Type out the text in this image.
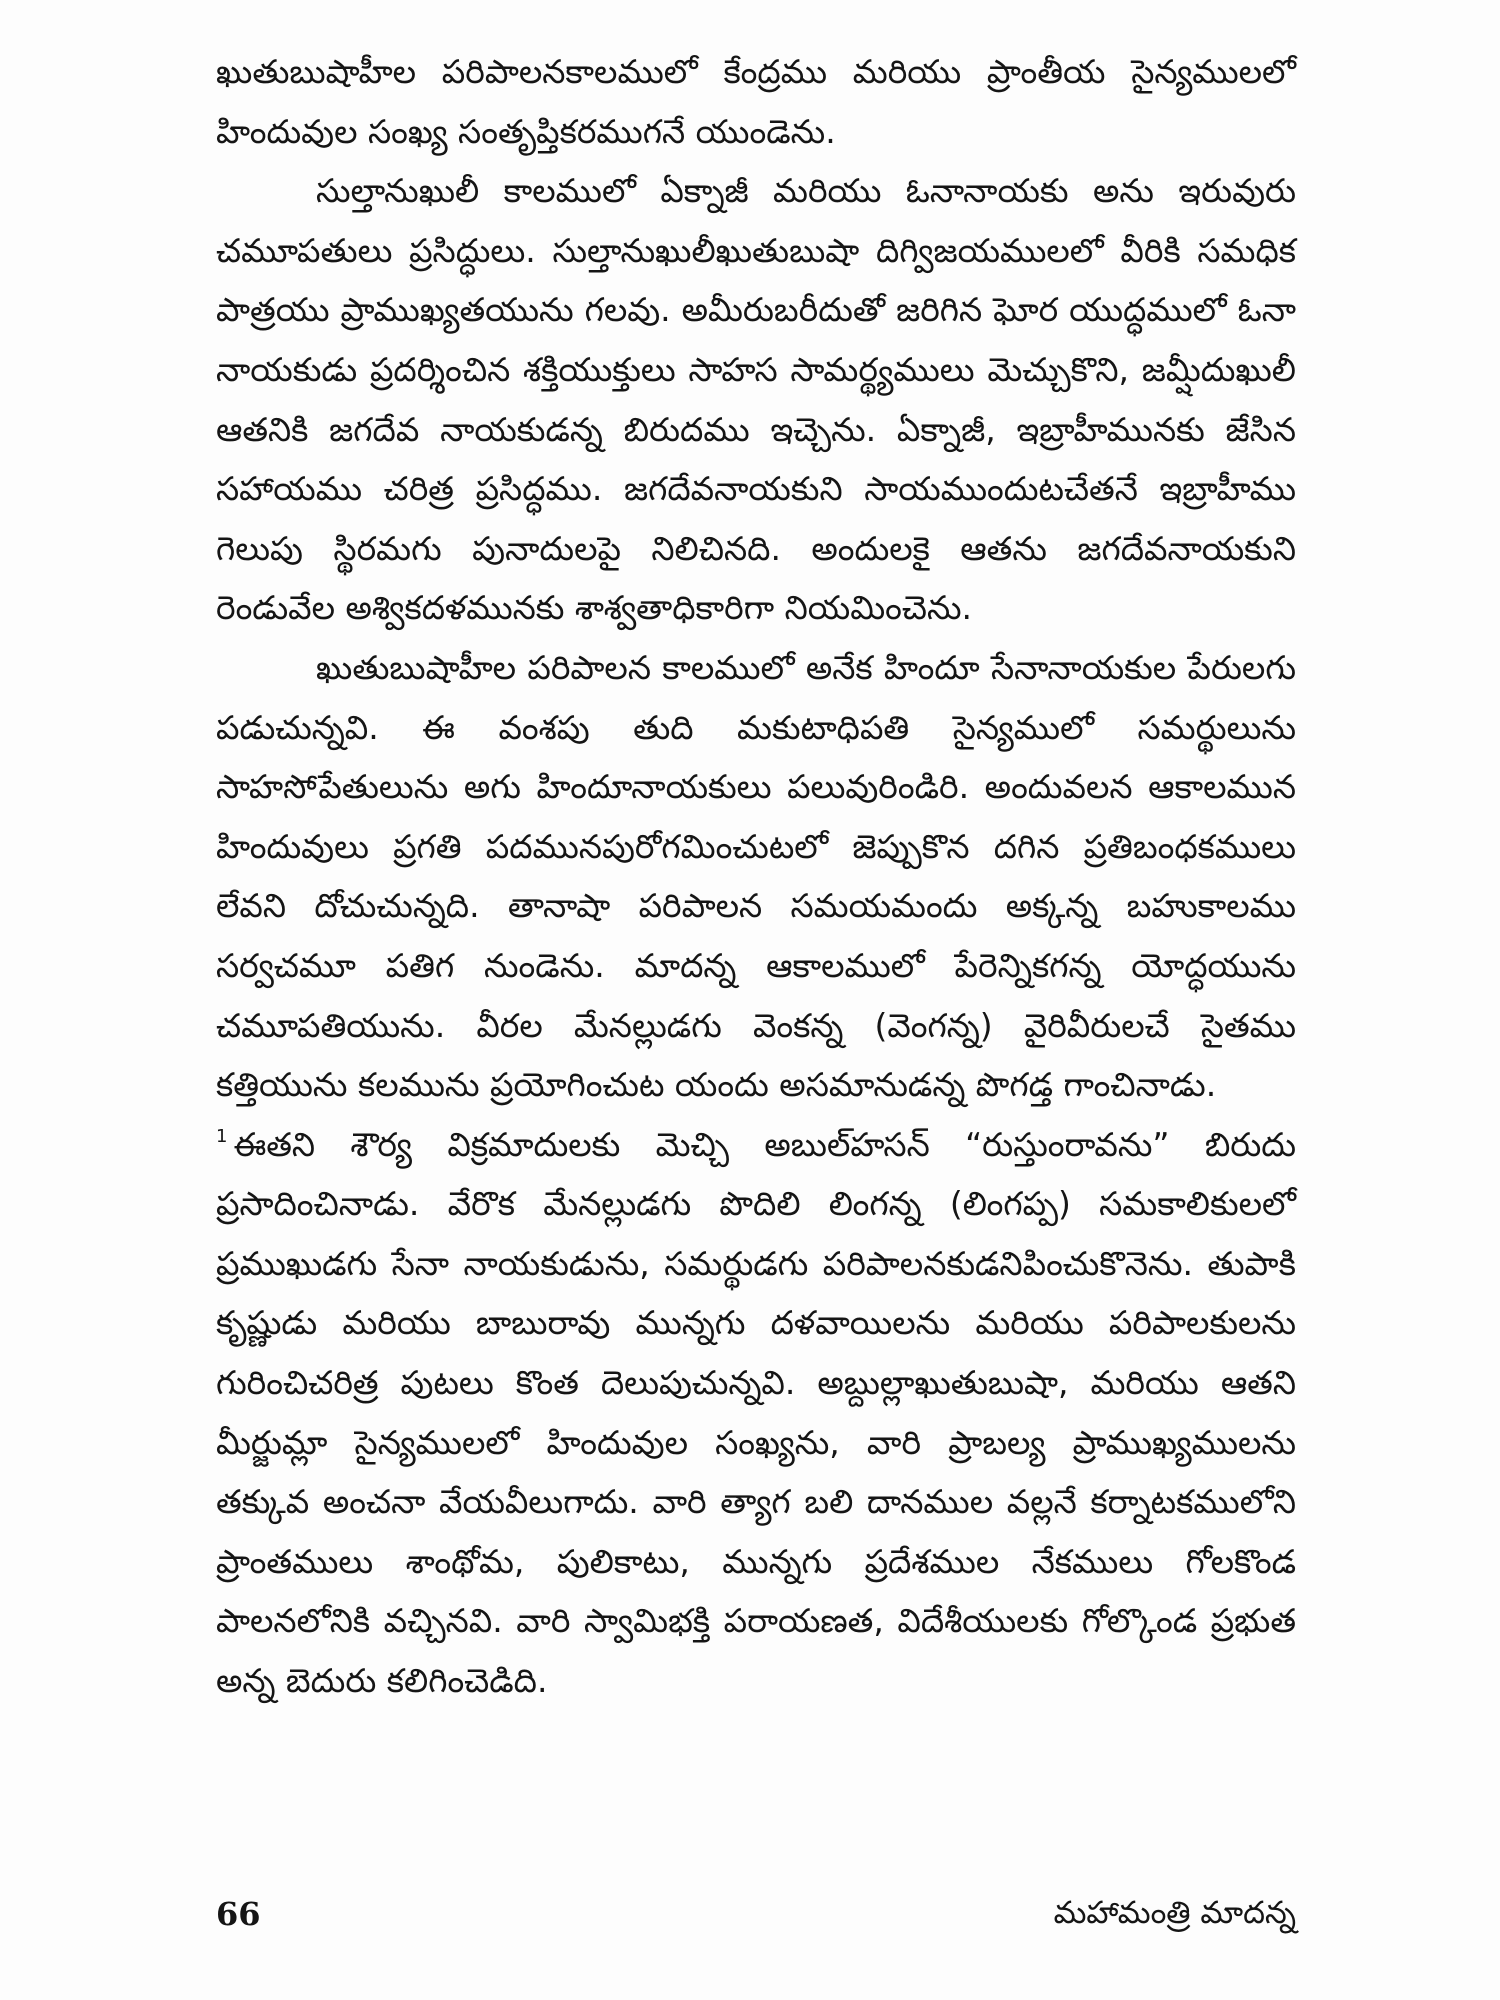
ఖుతుబుషాహీల పరిపాలనకాలములో కేంద్రము మరియు ప్రాంతీయ సైన్యములలో హిందువుల సంఖ్య సంతృప్తికరముగనే యుండెను.

సుల్తానుఖులీ కాలములో ఏక్నాజీ మరియు ఓనానాయకు అను ఇరువురు చమూపతులు ప్రసిద్ధులు. సుల్తానుఖులీఖుతుబుషా దిగ్విజయములలో వీరికి సమధిక పాత్రయు ప్రాముఖ్యతయును గలవు. అమీరుబరీదుతో జరిగిన ఘోర యుద్ధములో ఓనా నాయకుడు ప్రదర్శించిన శక్తియుక్తులు సాహస సామర్థ్యములు మెచ్చుకొని, జమ్షీదుఖులీ ఆతనికి జగదేవ నాయకుడన్న బిరుదము ఇచ్చెను. ఏక్నాజీ, ఇబ్రాహీమునకు జేసిన సహాయము చరిత్ర ప్రసిద్ధము. జగదేవనాయకుని సాయముందుటచేతనే ఇబ్రాహీము గెలుపు స్థిరమగు పునాదులపై నిలిచినది. అందులకై ఆతను జగదేవనాయకుని రెండువేల అశ్వికదళమునకు శాశ్వతాధికారిగా నియమించెను.

ఖుతుబుషాహీల పరిపాలన కాలములో అనేక హిందూ సేనానాయకుల పేరులగు పడుచున్నవి. ఈ వంశపు తుది మకుటాధిపతి సైన్యములో సమర్థులును సాహసోపేతులును అగు హిందూనాయకులు పలువురిండిరి. అందువలన ఆకాలమున హిందువులు ప్రగతి పదమునపురోగమించుటలో జెప్పుకొన దగిన ప్రతిబంధకములు లేవని దోచుచున్నది. తానాషా పరిపాలన సమయమందు అక్కన్న బహుకాలము సర్వచమూ పతిగ నుండెను. మాదన్న ఆకాలములో పేరెన్నికగన్న యోద్ధయును చమూపతియును. వీరల మేనల్లుడగు వెంకన్న (వెంగన్న) వైరివీరులచే సైతము కత్తియును కలమును ప్రయోగించుట యందు అసమానుడన్న పొగడ్త గాంచినాడు.

$^1$ ఈతని శౌర్య విక్రమాదులకు మెచ్చి అబుల్‌హసన్ “రుస్తుంరావను” బిరుదు ప్రసాదించినాడు. వేరొక మేనల్లుడగు పొదిలి లింగన్న (లింగప్ప) సమకాలికులలో ప్రముఖుడగు సేనా నాయకుడును, సమర్థుడగు పరిపాలనకుడనిపించుకొనెను. తుపాకి కృష్ణుడు మరియు బాబురావు మున్నగు దళవాయిలను మరియు పరిపాలకులను గురించిచరిత్ర పుటలు కొంత దెలుపుచున్నవి. అబ్దుల్లాఖుతుబుషా, మరియు ఆతని మీర్జుమ్లా సైన్యములలో హిందువుల సంఖ్యను, వారి ప్రాబల్య ప్రాముఖ్యములను తక్కువ అంచనా వేయవీలుగాదు. వారి త్యాగ బలి దానముల వల్లనే కర్నాటకములోని ప్రాంతములు శాంథోమ, పులికాటు, మున్నగు ప్రదేశముల నేకములు గోలకొండ పాలనలోనికి వచ్చినవి. వారి స్వామిభక్తి పరాయణత, విదేశీయులకు గోల్కొండ ప్రభుత అన్న బెదురు కలిగించెడిది.

66	మహామంత్రి మాదన్న
